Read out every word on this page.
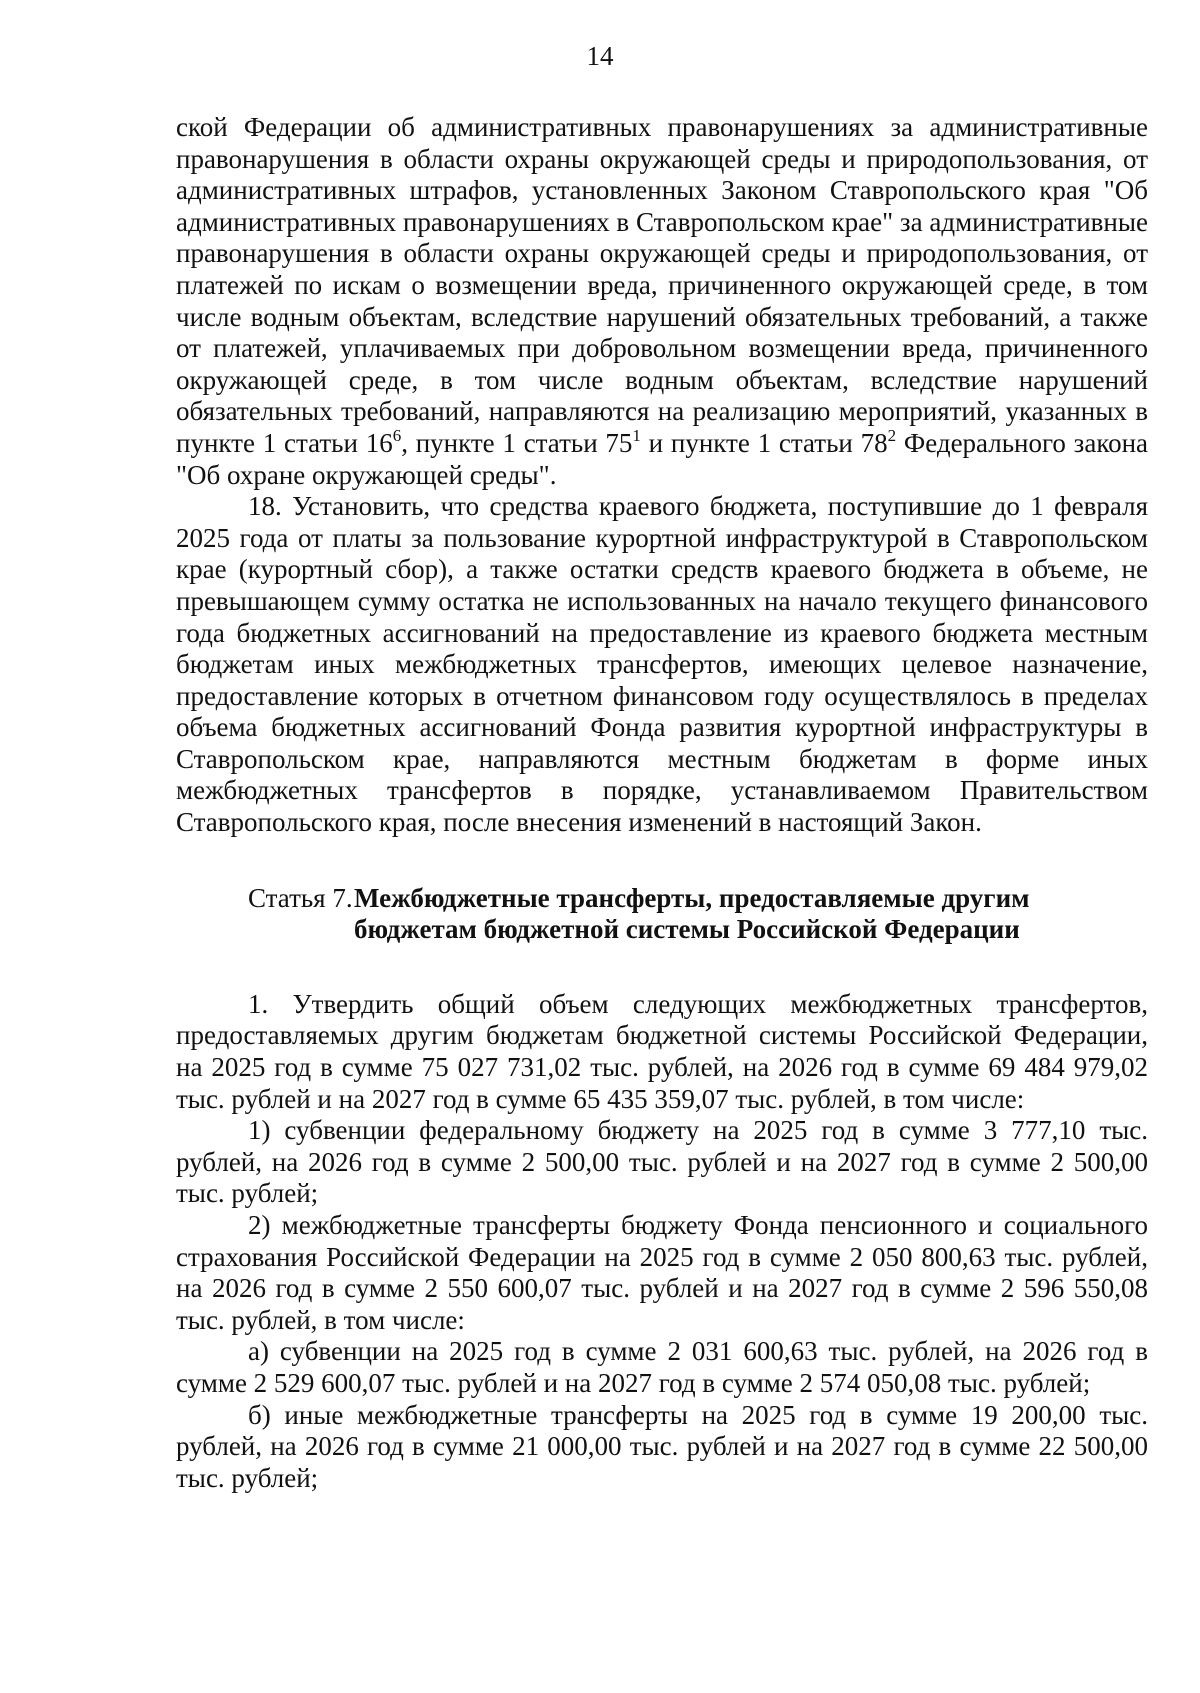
14

ской Федерации об административных правонарушениях за административные правонарушения в области охраны окружающей среды и природопользования, от административных штрафов, установленных Законом Ставропольского края "Об административных правонарушениях в Ставропольском крае" за административные правонарушения в области охраны окружающей среды и природопользования, от платежей по искам о возмещении вреда, причиненного окружающей среде, в том числе водным объектам, вследствие нарушений обязательных требований, а также от платежей, уплачиваемых при добровольном возмещении вреда, причиненного окружающей среде, в том числе водным объектам, вследствие нарушений обязательных требований, направляются на реализацию мероприятий, указанных в пункте 1 статьи $16^6$, пункте 1 статьи $75^1$ и пункте 1 статьи $78^2$ Федерального закона "Об охране окружающей среды".

18. Установить, что средства краевого бюджета, поступившие до 1 февраля 2025 года от платы за пользование курортной инфраструктурой в Ставропольском крае (курортный сбор), а также остатки средств краевого бюджета в объеме, не превышающем сумму остатка не использованных на начало текущего финансового года бюджетных ассигнований на предоставление из краевого бюджета местным бюджетам иных межбюджетных трансфертов, имеющих целевое назначение, предоставление которых в отчетном финансовом году осуществлялось в пределах объема бюджетных ассигнований Фонда развития курортной инфраструктуры в Ставропольском крае, направляются местным бюджетам в форме иных межбюджетных трансфертов в порядке, устанавливаемом Правительством Ставропольского края, после внесения изменений в настоящий Закон.

Статья 7. Межбюджетные трансферты, предоставляемые другим бюджетам бюджетной системы Российской Федерации

1. Утвердить общий объем следующих межбюджетных трансфертов, предоставляемых другим бюджетам бюджетной системы Российской Федерации, на 2025 год в сумме 75 027 731,02 тыс. рублей, на 2026 год в сумме 69 484 979,02 тыс. рублей и на 2027 год в сумме 65 435 359,07 тыс. рублей, в том числе:

1) субвенции федеральному бюджету на 2025 год в сумме 3 777,10 тыс. рублей, на 2026 год в сумме 2 500,00 тыс. рублей и на 2027 год в сумме 2 500,00 тыс. рублей;

2) межбюджетные трансферты бюджету Фонда пенсионного и социального страхования Российской Федерации на 2025 год в сумме 2 050 800,63 тыс. рублей, на 2026 год в сумме 2 550 600,07 тыс. рублей и на 2027 год в сумме 2 596 550,08 тыс. рублей, в том числе:

а) субвенции на 2025 год в сумме 2 031 600,63 тыс. рублей, на 2026 год в сумме 2 529 600,07 тыс. рублей и на 2027 год в сумме 2 574 050,08 тыс. рублей;

б) иные межбюджетные трансферты на 2025 год в сумме 19 200,00 тыс. рублей, на 2026 год в сумме 21 000,00 тыс. рублей и на 2027 год в сумме 22 500,00 тыс. рублей;
